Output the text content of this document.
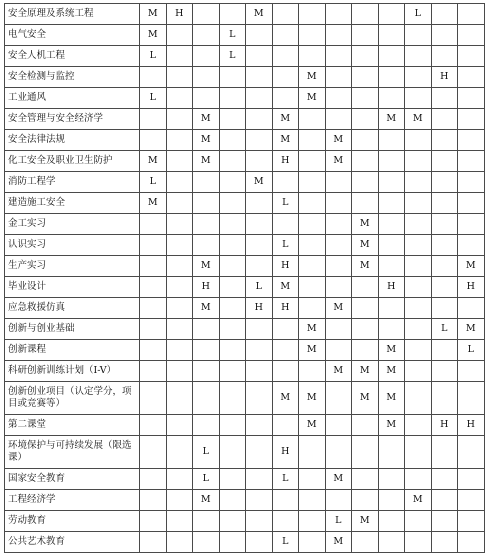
安全原理及系统工程	M	H			M						L		
电气安全	M			L									
安全人机工程	L			L									
安全检测与监控							M					H	
工业通风	L						M						
安全管理与安全经济学			M			M				M	M		
安全法律法规			M			M		M					
化工安全及职业卫生防护	M		M			H		M					
消防工程学	L				M								
建造施工安全	M					L							
金工实习									M				
认识实习						L			M				
生产实习			M			H			M				M
毕业设计			H		L	M				H			H
应急救援仿真			M		H	H		M					
创新与创业基础							M					L	M
创新课程							M			M			L
科研创新训练计划（I-V）								M	M	M			
创新创业项目（认定学分，项目或竞赛等）						M	M		M	M			
第二课堂							M			M		H	H
环境保护与可持续发展（限选课）			L			H							
国家安全教育			L			L		M					
工程经济学			M								M		
劳动教育								L	M				
公共艺术教育						L		M					
